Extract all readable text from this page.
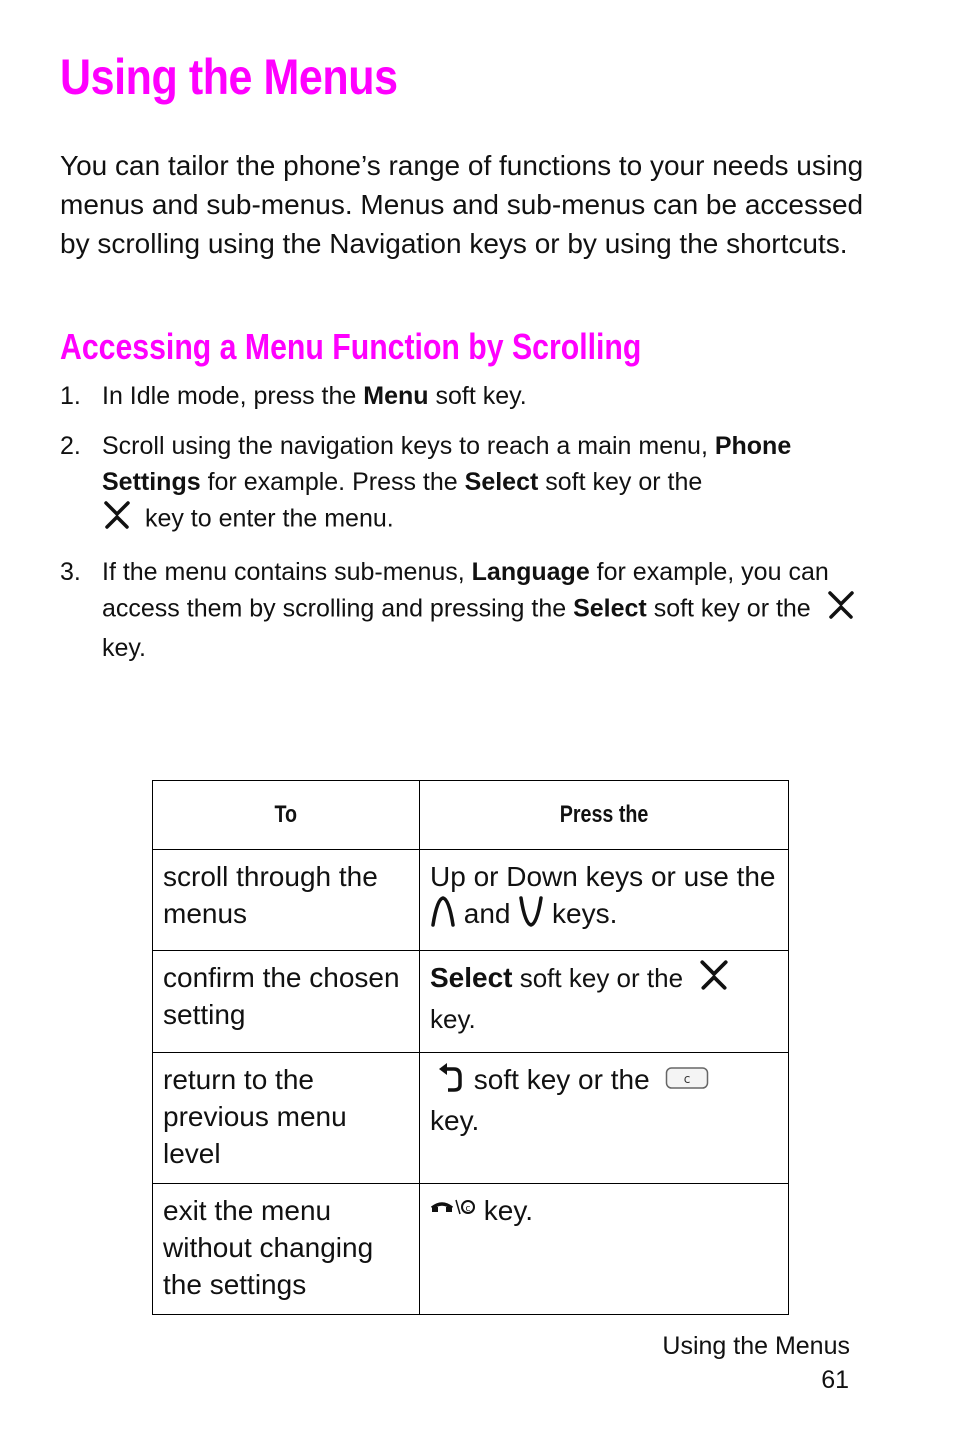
Using the Menus

You can tailor the phone’s range of functions to your needs using menus and sub-menus. Menus and sub-menus can be accessed by scrolling using the Navigation keys or by using the shortcuts.

Accessing a Menu Function by Scrolling
1. In Idle mode, press the Menu soft key.
2. Scroll using the navigation keys to reach a main menu, Phone Settings for example. Press the Select soft key or the
key to enter the menu.
3. If the menu contains sub-menus, Language for example, you can access them by scrolling and pressing the Select soft key or the  key.
To	Press the
scroll through the menus	Up or Down keys or use the  and  keys.
confirm the chosen setting	Select soft key or the
key.
return to the previous menu level	soft key or the c

key.
exit the menu without changing the settings	c key.
Using the Menus
61
